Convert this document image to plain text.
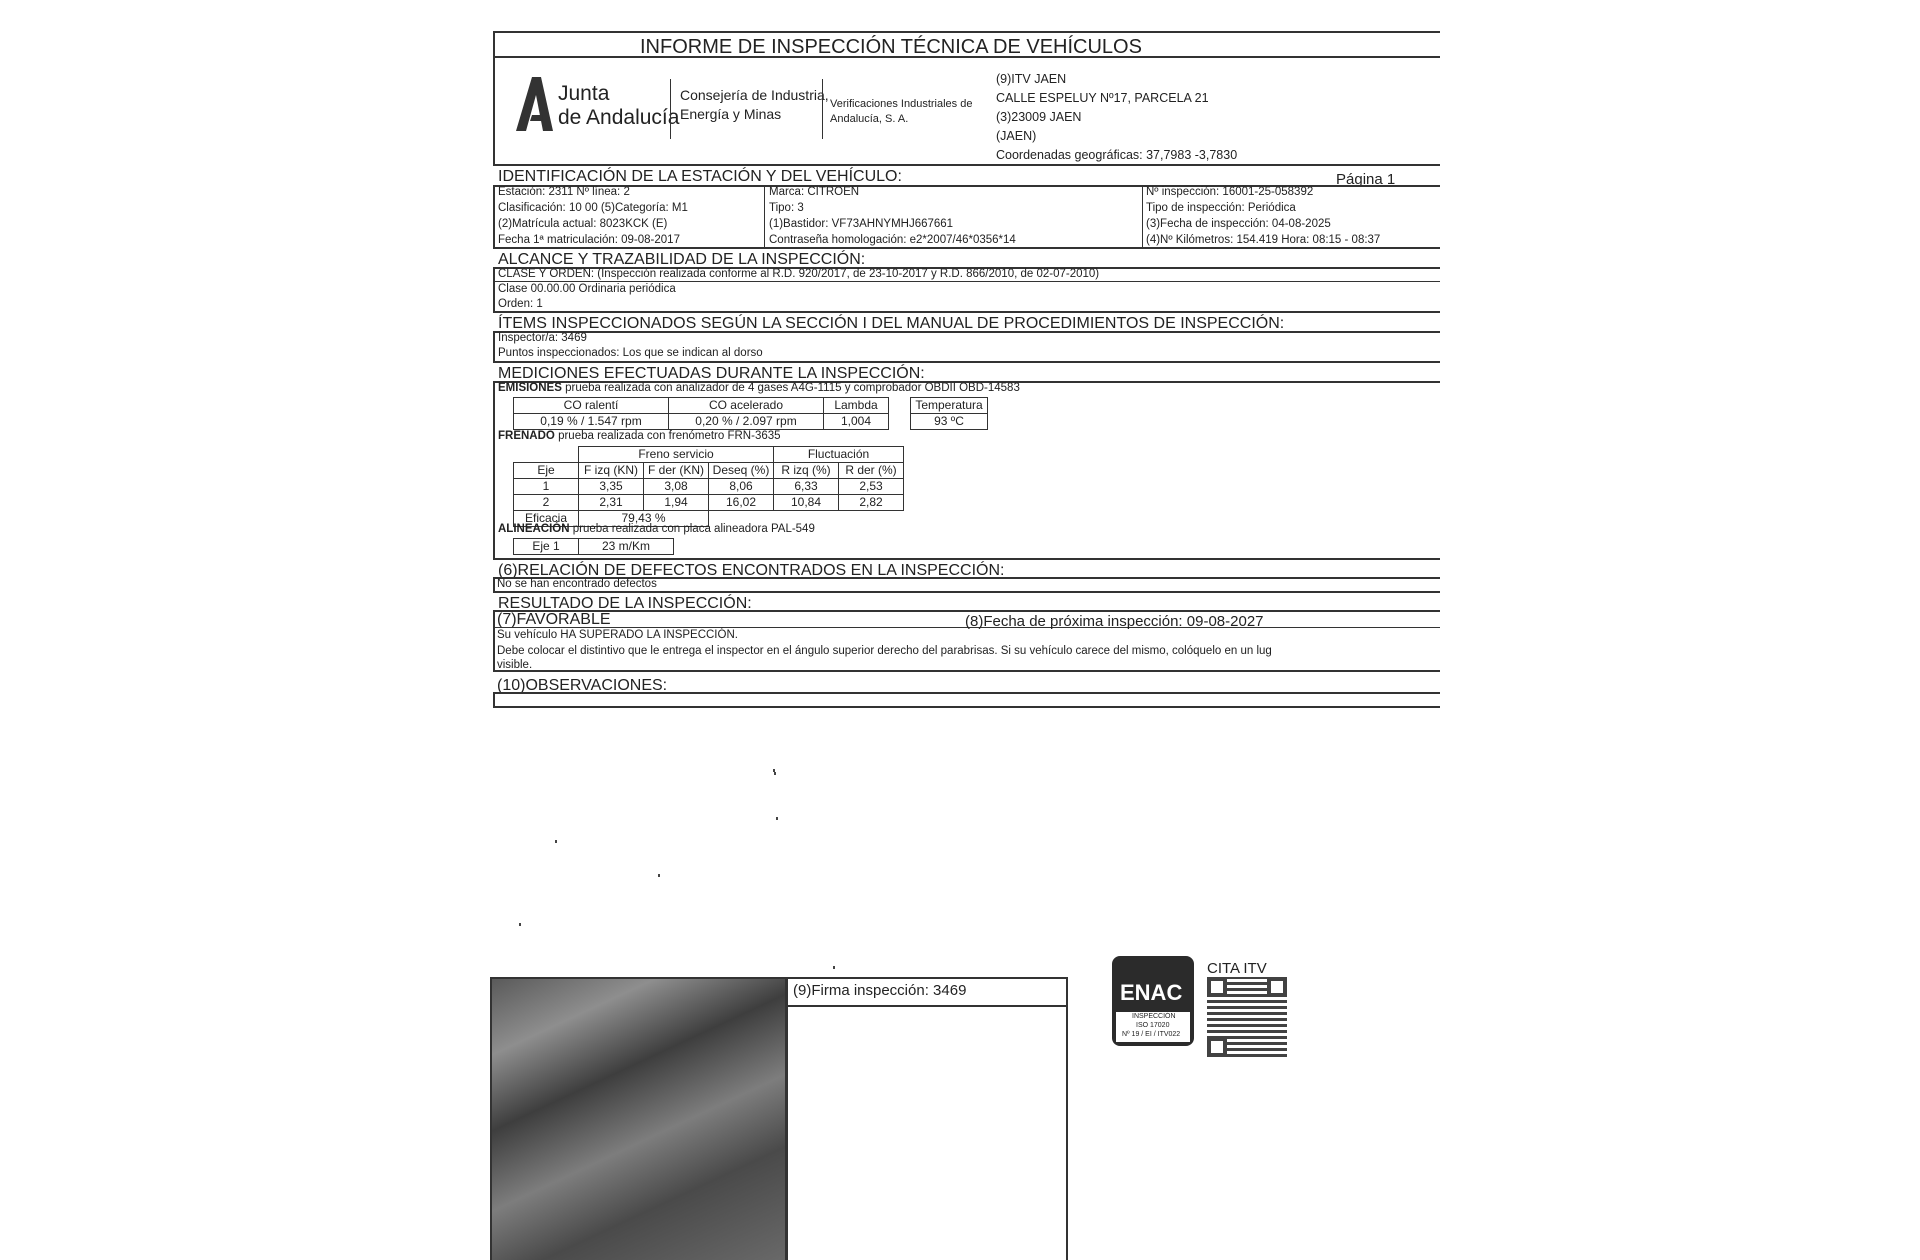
INFORME DE INSPECCIÓN TÉCNICA DE VEHÍCULOS
Junta
de Andalucía
Consejería de Industria,
Energía y Minas
Verificaciones Industriales de
Andalucía, S. A.
(9)ITV JAEN
CALLE ESPELUY Nº17, PARCELA 21
(3)23009 JAEN
(JAEN)
Coordenadas geográficas: 37,7983 -3,7830
IDENTIFICACIÓN DE LA ESTACIÓN Y DEL VEHÍCULO:	Página 1
Estación: 2311 Nº línea: 2
Clasificación: 10 00 (5)Categoría: M1
(2)Matrícula actual: 8023KCK (E)
Fecha 1ª matriculación: 09-08-2017
Marca: CITROEN
Tipo: 3
(1)Bastidor: VF73AHNYMHJ667661
Contraseña homologación: e2*2007/46*0356*14
Nº inspección: 16001-25-058392
Tipo de inspección: Periódica
(3)Fecha de inspección: 04-08-2025
(4)Nº Kilómetros: 154.419 Hora: 08:15 - 08:37
ALCANCE Y TRAZABILIDAD DE LA INSPECCIÓN:
CLASE Y ORDEN: (Inspección realizada conforme al R.D. 920/2017, de 23-10-2017 y R.D. 866/2010, de 02-07-2010)
Clase 00.00.00 Ordinaria periódica
Orden: 1
ÍTEMS INSPECCIONADOS SEGÚN LA SECCIÓN I DEL MANUAL DE PROCEDIMIENTOS DE INSPECCIÓN:
Inspector/a: 3469
Puntos inspeccionados: Los que se indican al dorso
MEDICIONES EFECTUADAS DURANTE LA INSPECCIÓN:
EMISIONES prueba realizada con analizador de 4 gases A4G-1115 y comprobador OBDII OBD-14583
CO ralentí	CO acelerado	Lambda
0,19 % / 1.547 rpm	0,20 % / 2.097 rpm	1,004
Temperatura
93 ºC
FRENADO prueba realizada con frenómetro FRN-3635
	Freno servicio			Fluctuación	
Eje	F izq (KN)	F der (KN)	Deseq (%)	R izq (%)	R der (%)
1	3,35	3,08	8,06	6,33	2,53
2	2,31	1,94	16,02	10,84	2,82
Eficacia	79,43 %				
ALINEACIÓN prueba realizada con placa alineadora PAL-549
Eje 1	23 m/Km
(6)RELACIÓN DE DEFECTOS ENCONTRADOS EN LA INSPECCIÓN:
No se han encontrado defectos
RESULTADO DE LA INSPECCIÓN:
(7)FAVORABLE	(8)Fecha de próxima inspección: 09-08-2027
Su vehículo HA SUPERADO LA INSPECCIÓN.
Debe colocar el distintivo que le entrega el inspector en el ángulo superior derecho del parabrisas. Si su vehículo carece del mismo, colóquelo en un lug
visible.
(10)OBSERVACIONES:
(9)Firma inspección: 3469	ENAC
INSPECCIÓN
ISO 17020
Nº 19 / EI / ITV022
CITA ITV
